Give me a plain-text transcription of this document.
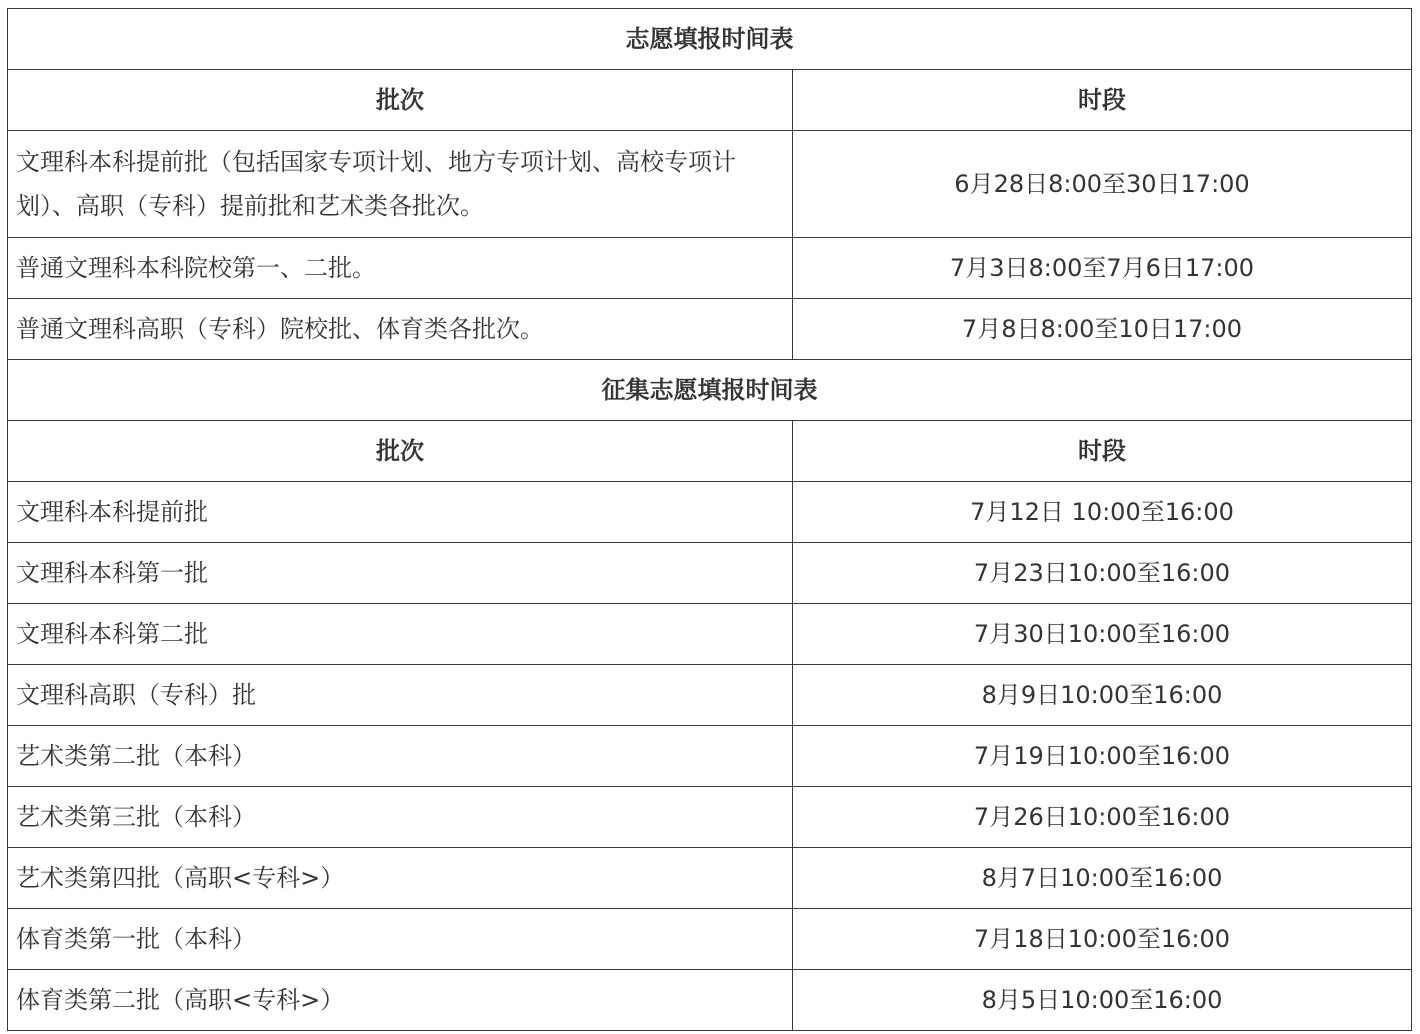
志愿填报时间表	
批次	时段
文理科本科提前批（包括国家专项计划、地方专项计划、高校专项计划）、高职（专科）提前批和艺术类各批次。	6月28日8:00至30日17:00
普通文理科本科院校第一、二批。	7月3日8:00至7月6日17:00
普通文理科高职（专科）院校批、体育类各批次。	7月8日8:00至10日17:00
征集志愿填报时间表	
批次	时段
文理科本科提前批	7月12日 10:00至16:00
文理科本科第一批	7月23日10:00至16:00
文理科本科第二批	7月30日10:00至16:00
文理科高职（专科）批	8月9日10:00至16:00
艺术类第二批（本科）	7月19日10:00至16:00
艺术类第三批（本科）	7月26日10:00至16:00
艺术类第四批（高职<专科>）	8月7日10:00至16:00
体育类第一批（本科）	7月18日10:00至16:00
体育类第二批（高职<专科>）	8月5日10:00至16:00
